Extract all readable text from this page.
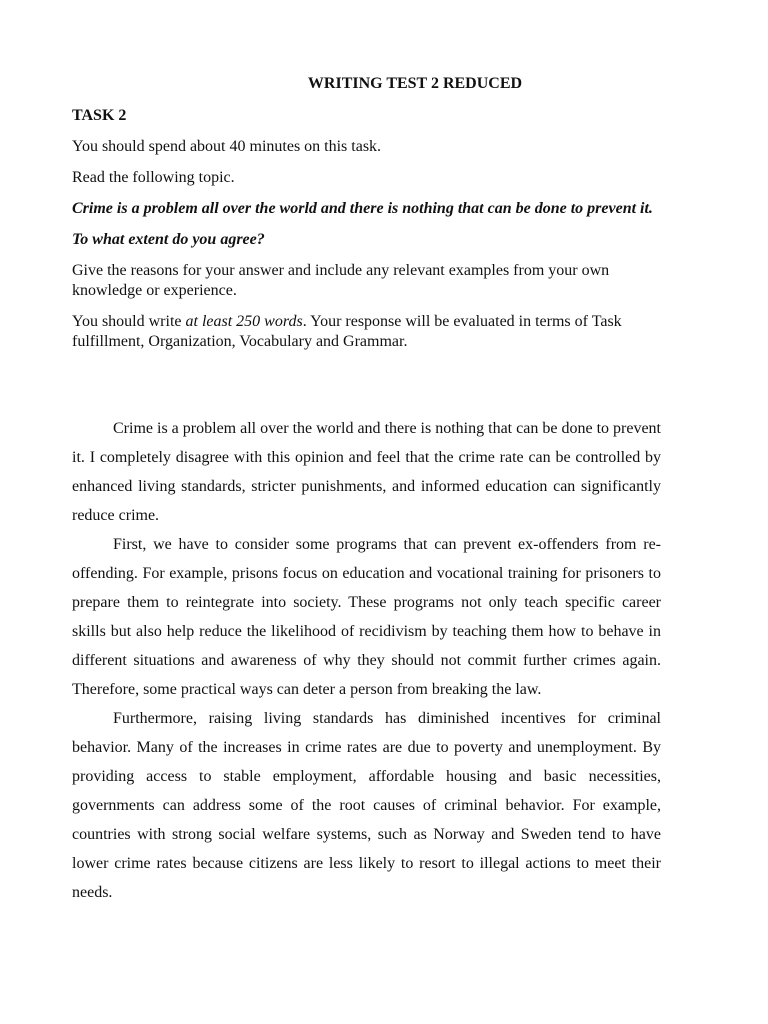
WRITING TEST 2 REDUCED

TASK 2

You should spend about 40 minutes on this task.

Read the following topic.

Crime is a problem all over the world and there is nothing that can be done to prevent it.

To what extent do you agree?

Give the reasons for your answer and include any relevant examples from your own knowledge or experience.

You should write at least 250 words. Your response will be evaluated in terms of Task fulfillment, Organization, Vocabulary and Grammar.

Crime is a problem all over the world and there is nothing that can be done to prevent it. I completely disagree with this opinion and feel that the crime rate can be controlled by enhanced living standards, stricter punishments, and informed education can significantly reduce crime.

First, we have to consider some programs that can prevent ex-offenders from re-offending. For example, prisons focus on education and vocational training for prisoners to prepare them to reintegrate into society. These programs not only teach specific career skills but also help reduce the likelihood of recidivism by teaching them how to behave in different situations and awareness of why they should not commit further crimes again. Therefore, some practical ways can deter a person from breaking the law.

Furthermore, raising living standards has diminished incentives for criminal behavior. Many of the increases in crime rates are due to poverty and unemployment. By providing access to stable employment, affordable housing and basic necessities, governments can address some of the root causes of criminal behavior. For example, countries with strong social welfare systems, such as Norway and Sweden tend to have lower crime rates because citizens are less likely to resort to illegal actions to meet their needs.
